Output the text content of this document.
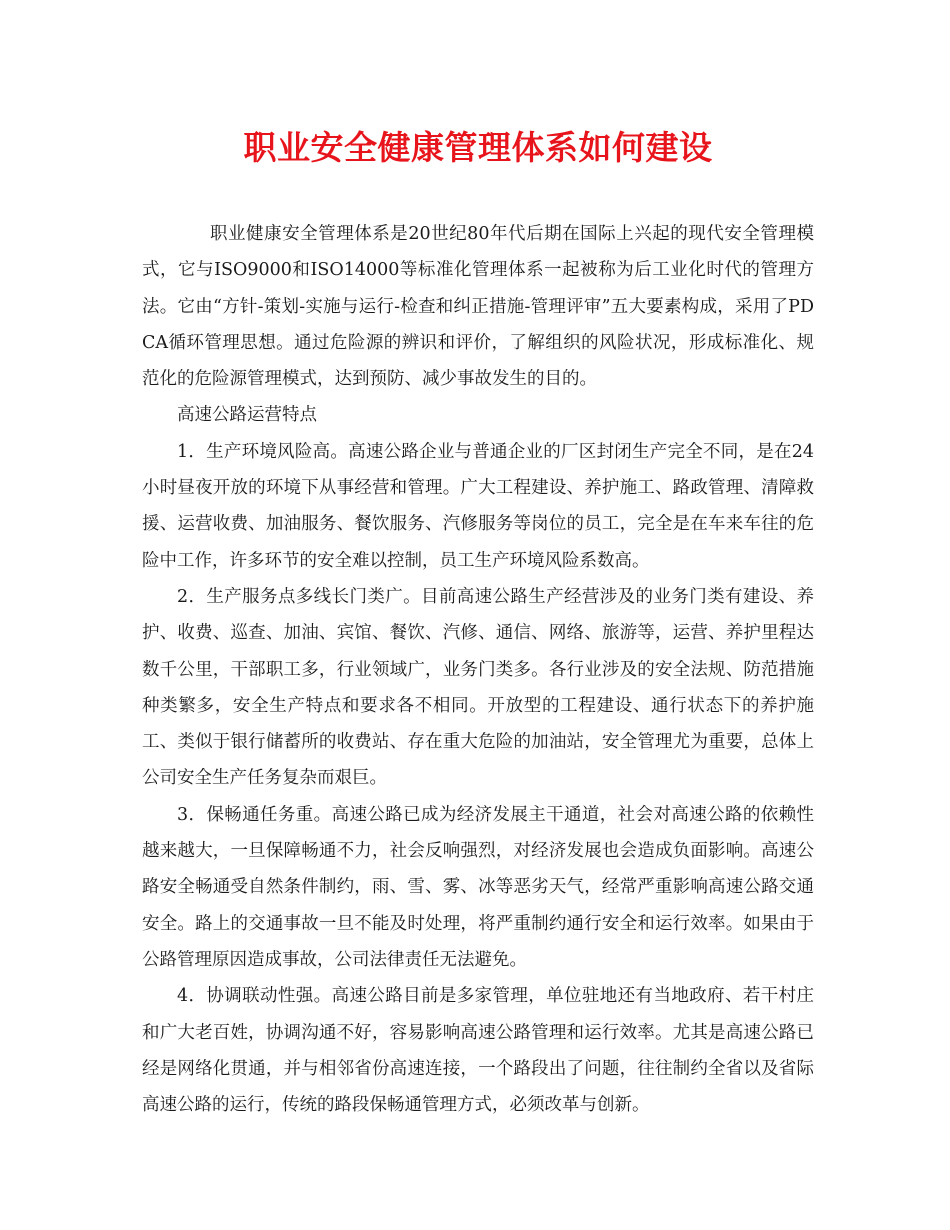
职业安全健康管理体系如何建设

职业健康安全管理体系是20世纪80年代后期在国际上兴起的现代安全管理模式，它与ISO9000和ISO14000等标准化管理体系一起被称为后工业化时代的管理方法。它由“方针-策划-实施与运行-检查和纠正措施-管理评审”五大要素构成，采用了PDCA循环管理思想。通过危险源的辨识和评价，了解组织的风险状况，形成标准化、规范化的危险源管理模式，达到预防、减少事故发生的目的。

高速公路运营特点

1．生产环境风险高。高速公路企业与普通企业的厂区封闭生产完全不同，是在24小时昼夜开放的环境下从事经营和管理。广大工程建设、养护施工、路政管理、清障救援、运营收费、加油服务、餐饮服务、汽修服务等岗位的员工，完全是在车来车往的危险中工作，许多环节的安全难以控制，员工生产环境风险系数高。

2．生产服务点多线长门类广。目前高速公路生产经营涉及的业务门类有建设、养护、收费、巡查、加油、宾馆、餐饮、汽修、通信、网络、旅游等，运营、养护里程达数千公里，干部职工多，行业领域广，业务门类多。各行业涉及的安全法规、防范措施种类繁多，安全生产特点和要求各不相同。开放型的工程建设、通行状态下的养护施工、类似于银行储蓄所的收费站、存在重大危险的加油站，安全管理尤为重要，总体上公司安全生产任务复杂而艰巨。

3．保畅通任务重。高速公路已成为经济发展主干通道，社会对高速公路的依赖性越来越大，一旦保障畅通不力，社会反响强烈，对经济发展也会造成负面影响。高速公路安全畅通受自然条件制约，雨、雪、雾、冰等恶劣天气，经常严重影响高速公路交通安全。路上的交通事故一旦不能及时处理，将严重制约通行安全和运行效率。如果由于公路管理原因造成事故，公司法律责任无法避免。

4．协调联动性强。高速公路目前是多家管理，单位驻地还有当地政府、若干村庄和广大老百姓，协调沟通不好，容易影响高速公路管理和运行效率。尤其是高速公路已经是网络化贯通，并与相邻省份高速连接，一个路段出了问题，往往制约全省以及省际高速公路的运行，传统的路段保畅通管理方式，必须改革与创新。
